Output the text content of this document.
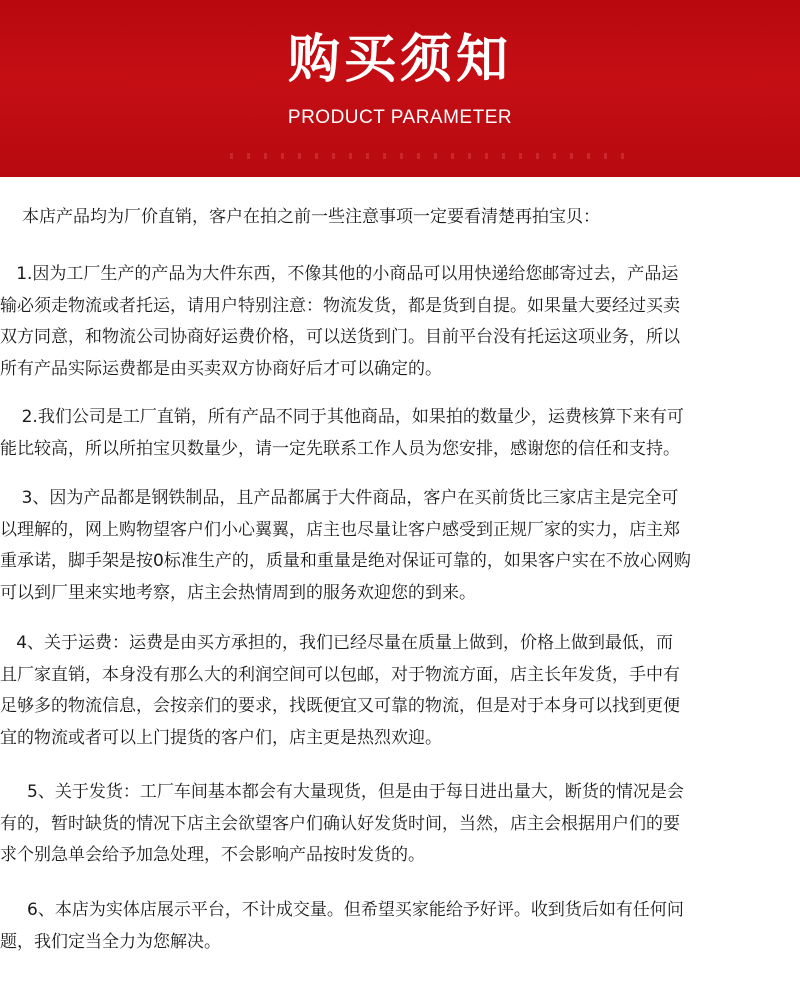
购买须知
PRODUCT PARAMETER
本店产品均为厂价直销，客户在拍之前一些注意事项一定要看清楚再拍宝贝：
1.因为工厂生产的产品为大件东西，不像其他的小商品可以用快递给您邮寄过去，产品运
输必须走物流或者托运，请用户特别注意：物流发货，都是货到自提。如果量大要经过买卖
双方同意，和物流公司协商好运费价格，可以送货到门。目前平台没有托运这项业务，所以
所有产品实际运费都是由买卖双方协商好后才可以确定的。
2.我们公司是工厂直销，所有产品不同于其他商品，如果拍的数量少，运费核算下来有可
能比较高，所以所拍宝贝数量少，请一定先联系工作人员为您安排，感谢您的信任和支持。
3、因为产品都是钢铁制品，且产品都属于大件商品，客户在买前货比三家店主是完全可
以理解的，网上购物望客户们小心翼翼，店主也尽量让客户感受到正规厂家的实力，店主郑
重承诺，脚手架是按0标准生产的，质量和重量是绝对保证可靠的，如果客户实在不放心网购
可以到厂里来实地考察，店主会热情周到的服务欢迎您的到来。
4、关于运费：运费是由买方承担的，我们已经尽量在质量上做到，价格上做到最低，而
且厂家直销，本身没有那么大的利润空间可以包邮，对于物流方面，店主长年发货，手中有
足够多的物流信息，会按亲们的要求，找既便宜又可靠的物流，但是对于本身可以找到更便
宜的物流或者可以上门提货的客户们，店主更是热烈欢迎。
5、关于发货：工厂车间基本都会有大量现货，但是由于每日进出量大，断货的情况是会
有的，暂时缺货的情况下店主会欲望客户们确认好发货时间，当然，店主会根据用户们的要
求个别急单会给予加急处理，不会影响产品按时发货的。
6、本店为实体店展示平台，不计成交量。但希望买家能给予好评。收到货后如有任何问
题，我们定当全力为您解决。
